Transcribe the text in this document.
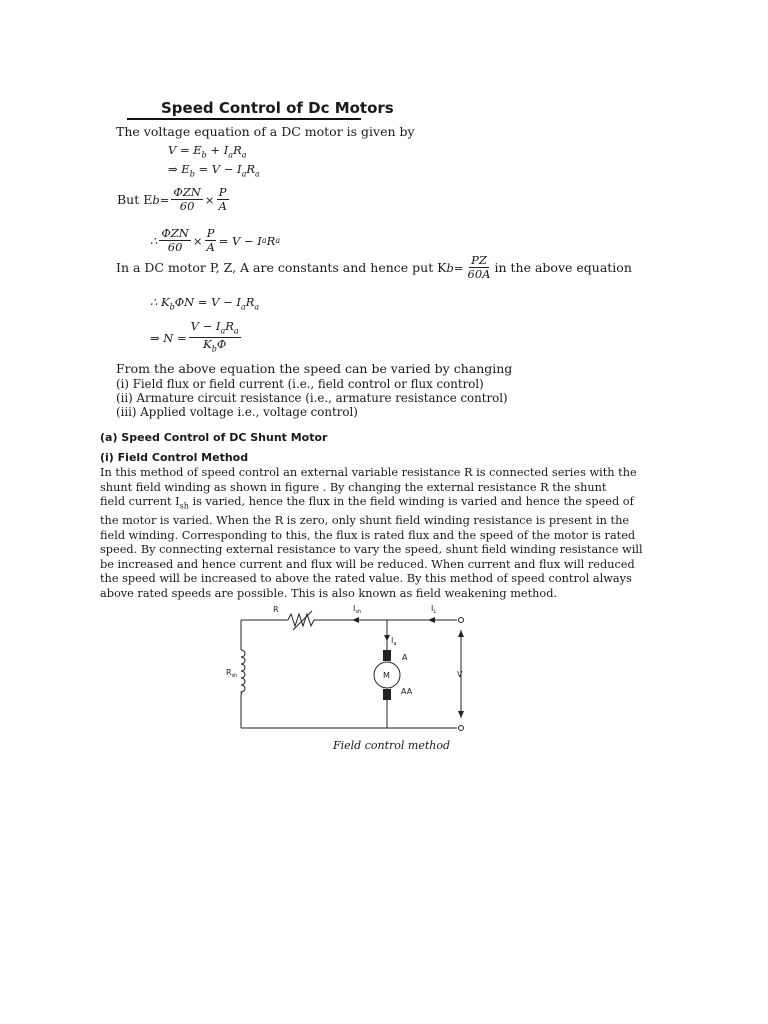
Speed Control of Dc Motors
The voltage equation of a DC motor is given by
$V = E_b + I_aR_a$
⇒ $E_b = V - I_aR_a$
But E $b = \frac{\text{ΦZN}}{60} \times \frac{P}{A}$
∴ $\frac{\text{ΦZN}}{60} \times \frac{P}{A} = V - I$ a R a
In a DC motor P, Z, A are constants and hence put K $b = \frac{PZ}{60A}$ in the above equation
∴ $K_b\Phi N = V - I_aR_a$
⇒ $N = \frac{V - I_aR_a}{K_b\Phi}$
From the above equation the speed can be varied by changing
(i) Field flux or field current (i.e., field control or flux control)
(ii) Armature circuit resistance (i.e., armature resistance control)
(iii) Applied voltage i.e., voltage control)
(a) Speed Control of DC Shunt Motor
(i) Field Control Method
In this method of speed control an external variable resistance R is connected series with the
shunt field winding as shown in figure . By changing the external resistance R the shunt
field current $I_{sh}$ is varied, hence the flux in the field winding is varied and hence the speed of
the motor is varied. When the R is zero, only shunt field winding resistance is present in the
field winding. Corresponding to this, the flux is rated flux and the speed of the motor is rated
speed. By connecting external resistance to vary the speed, shunt field winding resistance will
be increased and hence current and flux will be reduced. When current and flux will reduced
the speed will be increased to above the rated value. By this method of speed control always
above rated speeds are possible. This is also known as field weakening method.
R	$I_{sh}$	$I_L$
$I_a$
A
M
AA
V
$R_{sh}$
Field control method
